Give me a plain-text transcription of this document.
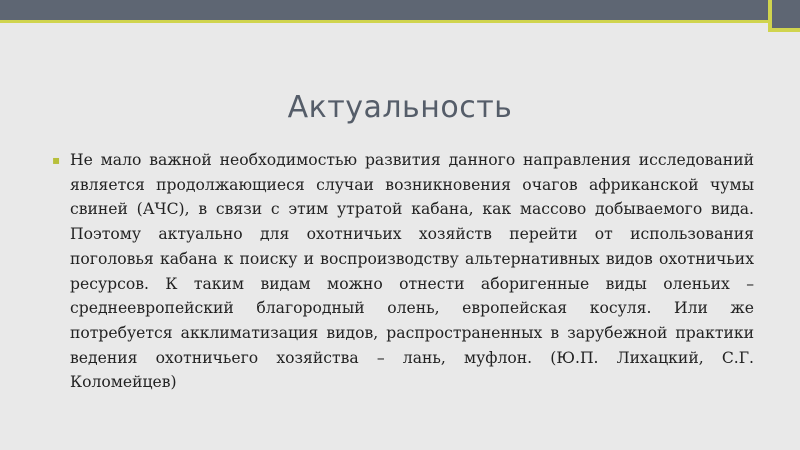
Актуальность
▪ Не мало важной необходимостью развития данного направления исследований является продолжающиеся случаи возникновения очагов африканской чумы свиней (АЧС), в связи с этим утратой кабана, как массово добываемого вида. Поэтому актуально для охотничьих хозяйств перейти от использования поголовья кабана к поиску и воспроизводству альтернативных видов охотничьих ресурсов. К таким видам можно отнести аборигенные виды оленьих – среднеевропейский благородный олень, европейская косуля. Или же потребуется акклиматизация видов, распространенных в зарубежной практики ведения охотничьего хозяйства – лань, муфлон. (Ю.П. Лихацкий, С.Г. Коломейцев)
